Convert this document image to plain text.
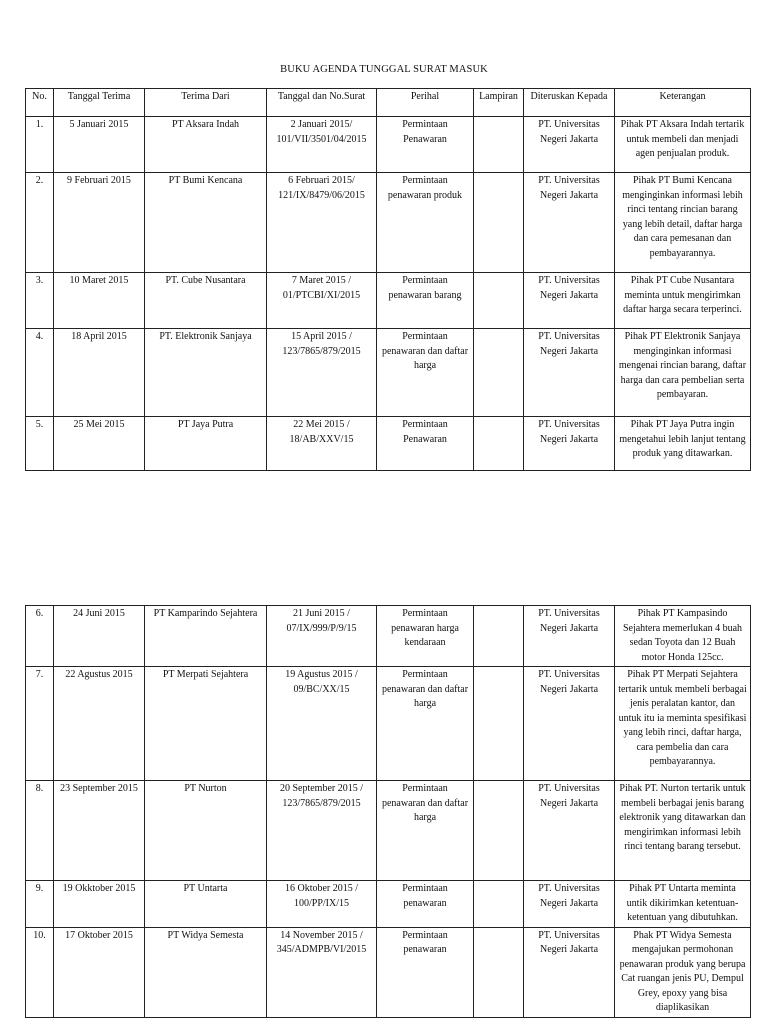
BUKU AGENDA TUNGGAL SURAT MASUK
No.	Tanggal Terima	Terima Dari	Tanggal dan No.Surat	Perihal	Lampiran	Diteruskan Kepada	Keterangan
1.	5 Januari 2015	PT Aksara Indah	2 Januari 2015/ 101/VII/3501/04/2015	Permintaan Penawaran		PT. Universitas Negeri Jakarta	Pihak PT Aksara Indah tertarik untuk membeli dan menjadi agen penjualan produk.
2.	9 Februari 2015	PT Bumi Kencana	6 Februari 2015/ 121/IX/8479/06/2015	Permintaan penawaran produk		PT. Universitas Negeri Jakarta	Pihak PT Bumi Kencana menginginkan informasi lebih rinci tentang rincian barang yang lebih detail, daftar harga dan cara pemesanan dan pembayarannya.
3.	10 Maret 2015	PT. Cube Nusantara	7 Maret 2015 / 01/PTCBI/XI/2015	Permintaan penawaran barang		PT. Universitas Negeri Jakarta	Pihak PT Cube Nusantara meminta untuk mengirimkan daftar harga secara terperinci.
4.	18 April 2015	PT. Elektronik Sanjaya	15 April 2015 / 123/7865/879/2015	Permintaan penawaran dan daftar harga		PT. Universitas Negeri Jakarta	Pihak PT Elektronik Sanjaya menginginkan informasi mengenai rincian barang, daftar harga dan cara pembelian serta pembayaran.
5.	25 Mei 2015	PT Jaya Putra	22 Mei 2015 / 18/AB/XXV/15	Permintaan Penawaran		PT. Universitas Negeri Jakarta	Pihak PT Jaya Putra ingin mengetahui lebih lanjut tentang produk yang ditawarkan.
6.	24 Juni 2015	PT Kamparindo Sejahtera	21 Juni 2015 / 07/IX/999/P/9/15	Permintaan penawaran harga kendaraan		PT. Universitas Negeri Jakarta	Pihak PT Kampasindo Sejahtera memerlukan 4 buah sedan Toyota dan 12 Buah motor Honda 125cc.
7.	22 Agustus 2015	PT Merpati Sejahtera	19 Agustus 2015 / 09/BC/XX/15	Permintaan penawaran dan daftar harga		PT. Universitas Negeri Jakarta	Pihak PT Merpati Sejahtera tertarik untuk membeli berbagai jenis peralatan kantor, dan untuk itu ia meminta spesifikasi yang lebih rinci, daftar harga, cara pembelia dan cara pembayarannya.
8.	23 September 2015	PT Nurton	20 September 2015 / 123/7865/879/2015	Permintaan penawaran dan daftar harga		PT. Universitas Negeri Jakarta	Pihak PT. Nurton tertarik untuk membeli berbagai jenis barang elektronik yang ditawarkan dan mengirimkan informasi lebih rinci tentang barang tersebut.
9.	19 Okktober 2015	PT Untarta	16 Oktober 2015 / 100/PP/IX/15	Permintaan penawaran		PT. Universitas Negeri Jakarta	Pihak PT Untarta meminta untik dikirimkan ketentuan-ketentuan yang dibutuhkan.
10.	17 Oktober 2015	PT Widya Semesta	14 November 2015 / 345/ADMPB/VI/2015	Permintaan penawaran		PT. Universitas Negeri Jakarta	Phak PT Widya Semesta mengajukan permohonan penawaran produk yang berupa Cat ruangan jenis PU, Dempul Grey, epoxy yang bisa diaplikasikan
